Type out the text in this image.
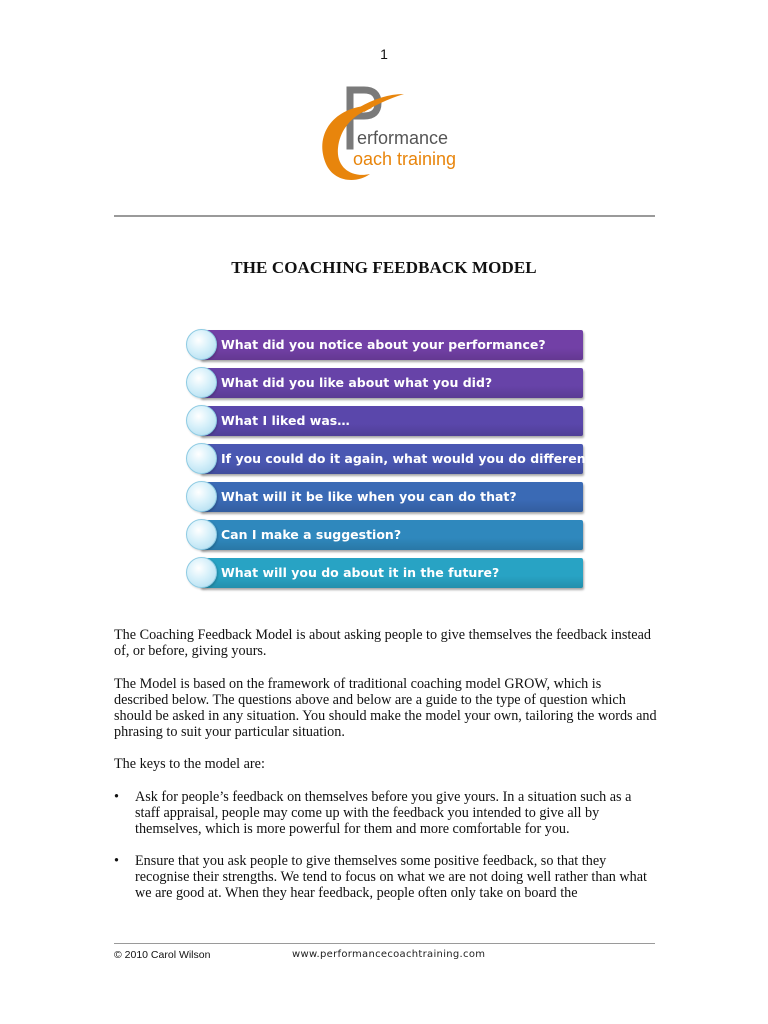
1
erformance
oach training
THE COACHING FEEDBACK MODEL
What did you notice about your performance?
What did you like about what you did?
What I liked was…
If you could do it again, what would you do differently?
What will it be like when you can do that?
Can I make a suggestion?
What will you do about it in the future?
The Coaching Feedback Model is about asking people to give themselves the feedback instead of, or before, giving yours.
The Model is based on the framework of traditional coaching model GROW, which is described below. The questions above and below are a guide to the type of question which should be asked in any situation. You should make the model your own, tailoring the words and phrasing to suit your particular situation.
The keys to the model are:
• Ask for people’s feedback on themselves before you give yours. In a situation such as a staff appraisal, people may come up with the feedback you intended to give all by themselves, which is more powerful for them and more comfortable for you.
• Ensure that you ask people to give themselves some positive feedback, so that they recognise their strengths. We tend to focus on what we are not doing well rather than what we are good at. When they hear feedback, people often only take on board the
© 2010 Carol Wilson	www.performancecoachtraining.com
